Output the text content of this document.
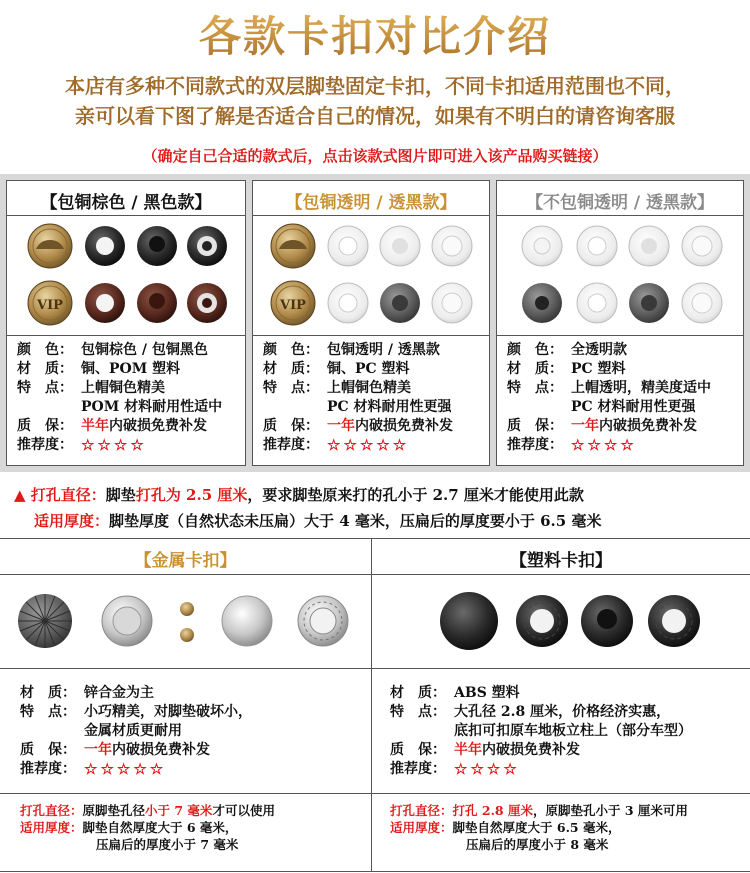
各款卡扣对比介绍
本店有多种不同款式的双层脚垫固定卡扣，不同卡扣适用范围也不同，
亲可以看下图了解是否适合自己的情况，如果有不明白的请咨询客服
（确定自己合适的款式后，点击该款式图片即可进入该产品购买链接）
【包铜棕色 / 黑色款】
VIP
颜　色： 包铜棕色 / 包铜黑色
材　质： 铜、POM 塑料
特　点： 上帽铜色精美
POM 材料耐用性适中
质　保： 半年 内破损免费补发
推荐度： ☆☆☆☆
【包铜透明 / 透黑款】
VIP
颜　色： 包铜透明 / 透黑款
材　质： 铜、PC 塑料
特　点： 上帽铜色精美
PC 材料耐用性更强
质　保： 一年 内破损免费补发
推荐度： ☆☆☆☆☆
【不包铜透明 / 透黑款】
颜　色： 全透明款
材　质： PC 塑料
特　点： 上帽透明，精美度适中
PC 材料耐用性更强
质　保： 一年 内破损免费补发
推荐度： ☆☆☆☆
▲ 打孔直径：脚垫打孔为 2.5 厘米，要求脚垫原来打的孔小于 2.7 厘米才能使用此款
适用厚度：脚垫厚度（自然状态未压扁）大于 4 毫米，压扁后的厚度要小于 6.5 毫米
【金属卡扣】
材　质： 锌合金为主
特　点： 小巧精美，对脚垫破坏小，
金属材质更耐用
质　保： 一年 内破损免费补发
推荐度： ☆☆☆☆☆
打孔直径：原脚垫孔径小于 7 毫米才可以使用
适用厚度：脚垫自然厚度大于 6 毫米，
压扁后的厚度小于 7 毫米
【塑料卡扣】
材　质： ABS 塑料
特　点： 大孔径 2.8 厘米，价格经济实惠，
底扣可扣原车地板立柱上（部分车型）
质　保： 半年 内破损免费补发
推荐度： ☆☆☆☆
打孔直径：打孔 2.8 厘米，原脚垫孔小于 3 厘米可用
适用厚度：脚垫自然厚度大于 6.5 毫米，
压扁后的厚度小于 8 毫米
